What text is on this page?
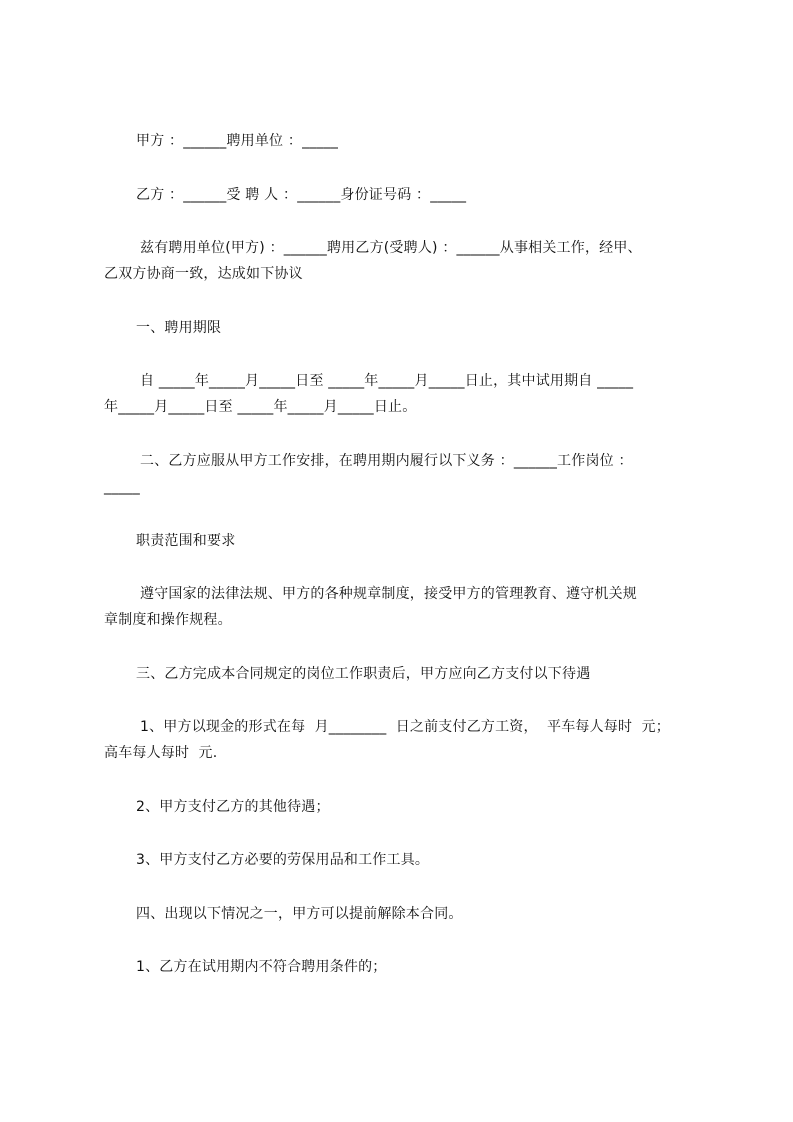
甲方 ：______聘用单位 ：_____
乙方 ：______受 聘 人 ：______身份证号码 ：_____
兹有聘用单位(甲方) ：______聘用乙方(受聘人) ：______从事相关工作，经甲、
乙双方协商一致，达成如下协议
一、聘用期限
自 _____年_____月_____日至 _____年_____月_____日止，其中试用期自 _____
年_____月_____日至 _____年_____月_____日止。
二、乙方应服从甲方工作安排，在聘用期内履行以下义务 ：______工作岗位 ：
_____
职责范围和要求
遵守国家的法律法规、甲方的各种规章制度，接受甲方的管理教育、遵守机关规
章制度和操作规程。
三、乙方完成本合同规定的岗位工作职责后，甲方应向乙方支付以下待遇
1、甲方以现金的形式在每  月________  日之前支付乙方工资，  平车每人每时  元；
高车每人每时  元.
2、甲方支付乙方的其他待遇；
3、甲方支付乙方必要的劳保用品和工作工具。
四、出现以下情况之一，甲方可以提前解除本合同。
1、乙方在试用期内不符合聘用条件的；
